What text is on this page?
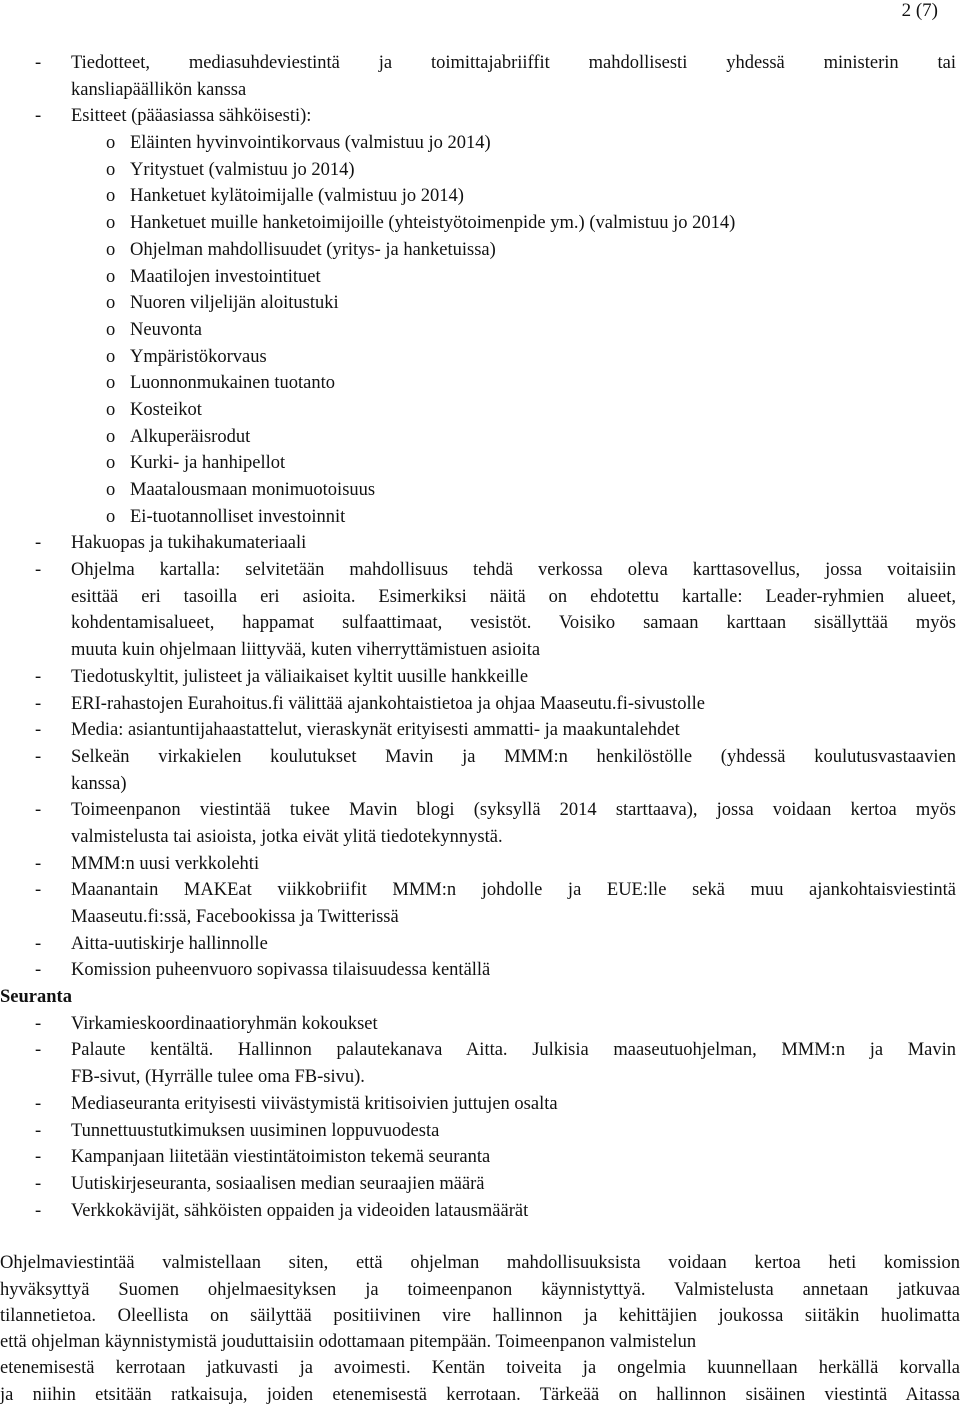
2 (7)
- Tiedotteet, mediasuhdeviestintä ja toimittajabriiffit mahdollisesti yhdessä ministerin tai
kansliapäällikön kanssa
- Esitteet (pääasiassa sähköisesti):
o Eläinten hyvinvointikorvaus (valmistuu jo 2014)
o Yritystuet (valmistuu jo 2014)
o Hanketuet kylätoimijalle (valmistuu jo 2014)
o Hanketuet muille hanketoimijoille (yhteistyötoimenpide ym.) (valmistuu jo 2014)
o Ohjelman mahdollisuudet (yritys- ja hanketuissa)
o Maatilojen investointituet
o Nuoren viljelijän aloitustuki
o Neuvonta
o Ympäristökorvaus
o Luonnonmukainen tuotanto
o Kosteikot
o Alkuperäisrodut
o Kurki- ja hanhipellot
o Maatalousmaan monimuotoisuus
o Ei-tuotannolliset investoinnit
- Hakuopas ja tukihakumateriaali
- Ohjelma kartalla: selvitetään mahdollisuus tehdä verkossa oleva karttasovellus, jossa voitaisiin
esittää eri tasoilla eri asioita. Esimerkiksi näitä on ehdotettu kartalle: Leader-ryhmien alueet,
kohdentamisalueet, happamat sulfaattimaat, vesistöt. Voisiko samaan karttaan sisällyttää myös
muuta kuin ohjelmaan liittyvää, kuten viherryttämistuen asioita
- Tiedotuskyltit, julisteet ja väliaikaiset kyltit uusille hankkeille
- ERI-rahastojen Eurahoitus.fi välittää ajankohtaistietoa ja ohjaa Maaseutu.fi-sivustolle
- Media: asiantuntijahaastattelut, vieraskynät erityisesti ammatti- ja maakuntalehdet
- Selkeän virkakielen koulutukset Mavin ja MMM:n henkilöstölle (yhdessä koulutusvastaavien
kanssa)
- Toimeenpanon viestintää tukee Mavin blogi (syksyllä 2014 starttaava), jossa voidaan kertoa myös
valmistelusta tai asioista, jotka eivät ylitä tiedotekynnystä.
- MMM:n uusi verkkolehti
- Maanantain MAKEat viikkobriifit MMM:n johdolle ja EUE:lle sekä muu ajankohtaisviestintä
Maaseutu.fi:ssä, Facebookissa ja Twitterissä
- Aitta-uutiskirje hallinnolle
- Komission puheenvuoro sopivassa tilaisuudessa kentällä
Seuranta
- Virkamieskoordinaatioryhmän kokoukset
- Palaute kentältä. Hallinnon palautekanava Aitta. Julkisia maaseutuohjelman, MMM:n ja Mavin
FB-sivut, (Hyrrälle tulee oma FB-sivu).
- Mediaseuranta erityisesti viivästymistä kritisoivien juttujen osalta
- Tunnettuustutkimuksen uusiminen loppuvuodesta
- Kampanjaan liitetään viestintätoimiston tekemä seuranta
- Uutiskirjeseuranta, sosiaalisen median seuraajien määrä
- Verkkokävijät, sähköisten oppaiden ja videoiden latausmäärät
Ohjelmaviestintää valmistellaan siten, että ohjelman mahdollisuuksista voidaan kertoa heti komission
hyväksyttyä Suomen ohjelmaesityksen ja toimeenpanon käynnistyttyä. Valmistelusta annetaan jatkuvaa
tilannetietoa. Oleellista on säilyttää positiivinen vire hallinnon ja kehittäjien joukossa siitäkin huolimatta
että ohjelman käynnistymistä jouduttaisiin odottamaan pitempään. Toimeenpanon valmistelun
etenemisestä kerrotaan jatkuvasti ja avoimesti. Kentän toiveita ja ongelmia kuunnellaan herkällä korvalla
ja niihin etsitään ratkaisuja, joiden etenemisestä kerrotaan. Tärkeää on hallinnon sisäinen viestintä Aitassa
